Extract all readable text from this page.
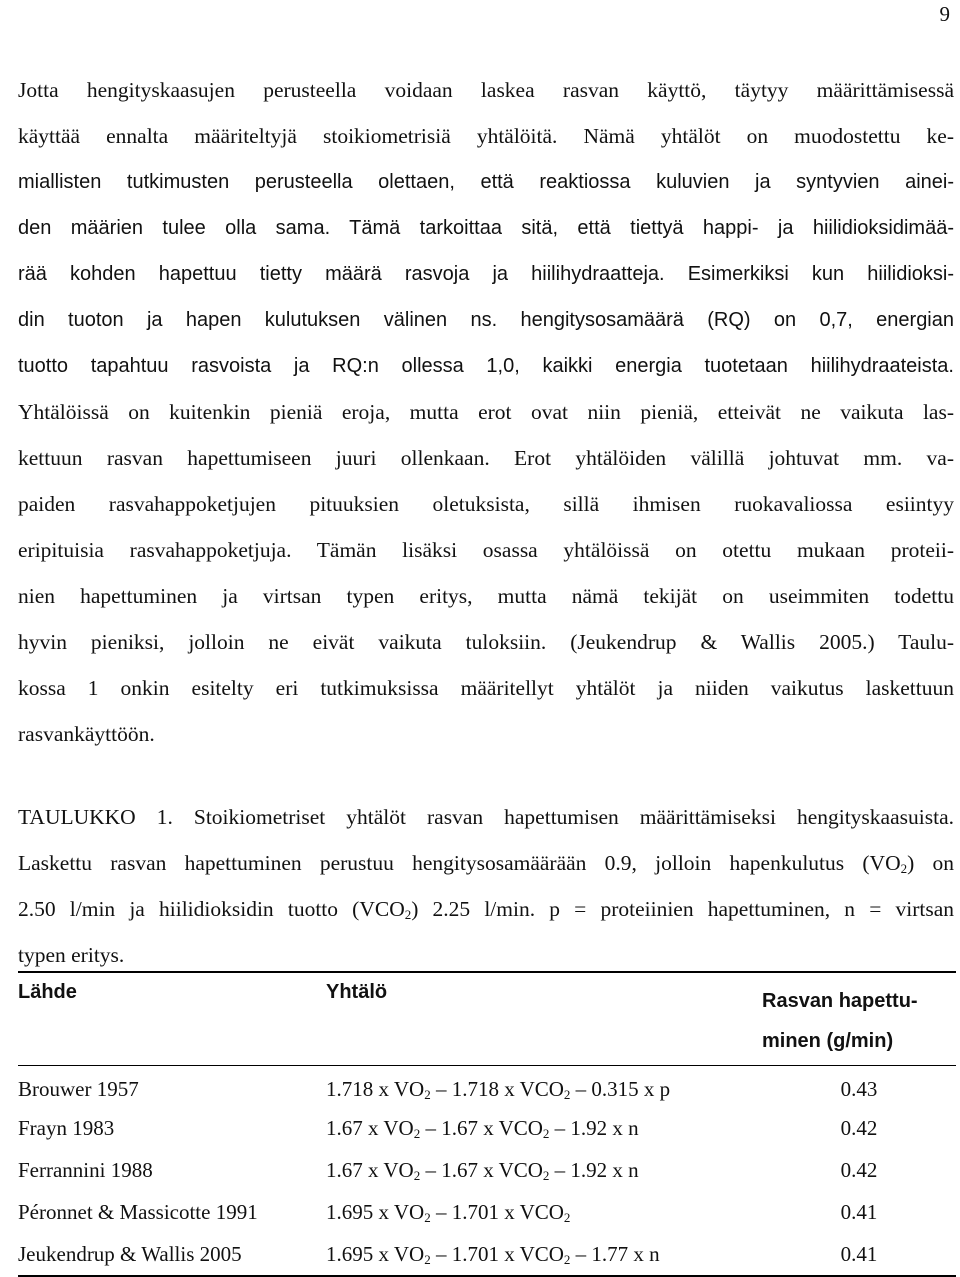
9
Jotta hengityskaasujen perusteella voidaan laskea rasvan käyttö, täytyy määrittämisessä
käyttää ennalta määriteltyjä stoikiometrisiä yhtälöitä. Nämä yhtälöt on muodostettu ke-
miallisten tutkimusten perusteella olettaen, että reaktiossa kuluvien ja syntyvien ainei-
den määrien tulee olla sama. Tämä tarkoittaa sitä, että tiettyä happi- ja hiilidioksidimää-
rää kohden hapettuu tietty määrä rasvoja ja hiilihydraatteja. Esimerkiksi kun hiilidioksi-
din tuoton ja hapen kulutuksen välinen ns. hengitysosamäärä (RQ) on 0,7, energian
tuotto tapahtuu rasvoista ja RQ:n ollessa 1,0, kaikki energia tuotetaan hiilihydraateista.
Yhtälöissä on kuitenkin pieniä eroja, mutta erot ovat niin pieniä, etteivät ne vaikuta las-
kettuun rasvan hapettumiseen juuri ollenkaan. Erot yhtälöiden välillä johtuvat mm. va-
paiden rasvahappoketjujen pituuksien oletuksista, sillä ihmisen ruokavaliossa esiintyy
eripituisia rasvahappoketjuja. Tämän lisäksi osassa yhtälöissä on otettu mukaan proteii-
nien hapettuminen ja virtsan typen eritys, mutta nämä tekijät on useimmiten todettu
hyvin pieniksi, jolloin ne eivät vaikuta tuloksiin. (Jeukendrup & Wallis 2005.) Taulu-
kossa 1 onkin esitelty eri tutkimuksissa määritellyt yhtälöt ja niiden vaikutus laskettuun
rasvankäyttöön.
TAULUKKO 1. Stoikiometriset yhtälöt rasvan hapettumisen määrittämiseksi hengityskaasuista.
Laskettu rasvan hapettuminen perustuu hengitysosamäärään 0.9, jolloin hapenkulutus $(VO_2)$ on
2.50 l/min ja hiilidioksidin tuotto $(VCO_2)$ 2.25 l/min. p = proteiinien hapettuminen, n = virtsan
typen eritys.
Lähde	Yhtälö	Rasvan hapettu-
minen (g/min)

Brouwer 1957	1.718 x $VO_2 - 1.718$ x $VCO_2 - 0.315$ x p	0.43
Frayn 1983	1.67 x $VO_2 - 1.67$ x $VCO_2 - 1.92$ x n	0.42
Ferrannini 1988	1.67 x $VO_2 - 1.67$ x $VCO_2 - 1.92$ x n	0.42
Péronnet & Massicotte 1991	1.695 x $VO_2 - 1.701$ x $VCO_2$	0.41
Jeukendrup & Wallis 2005	1.695 x $VO_2 - 1.701$ x $VCO_2 - 1.77$ x n	0.41
